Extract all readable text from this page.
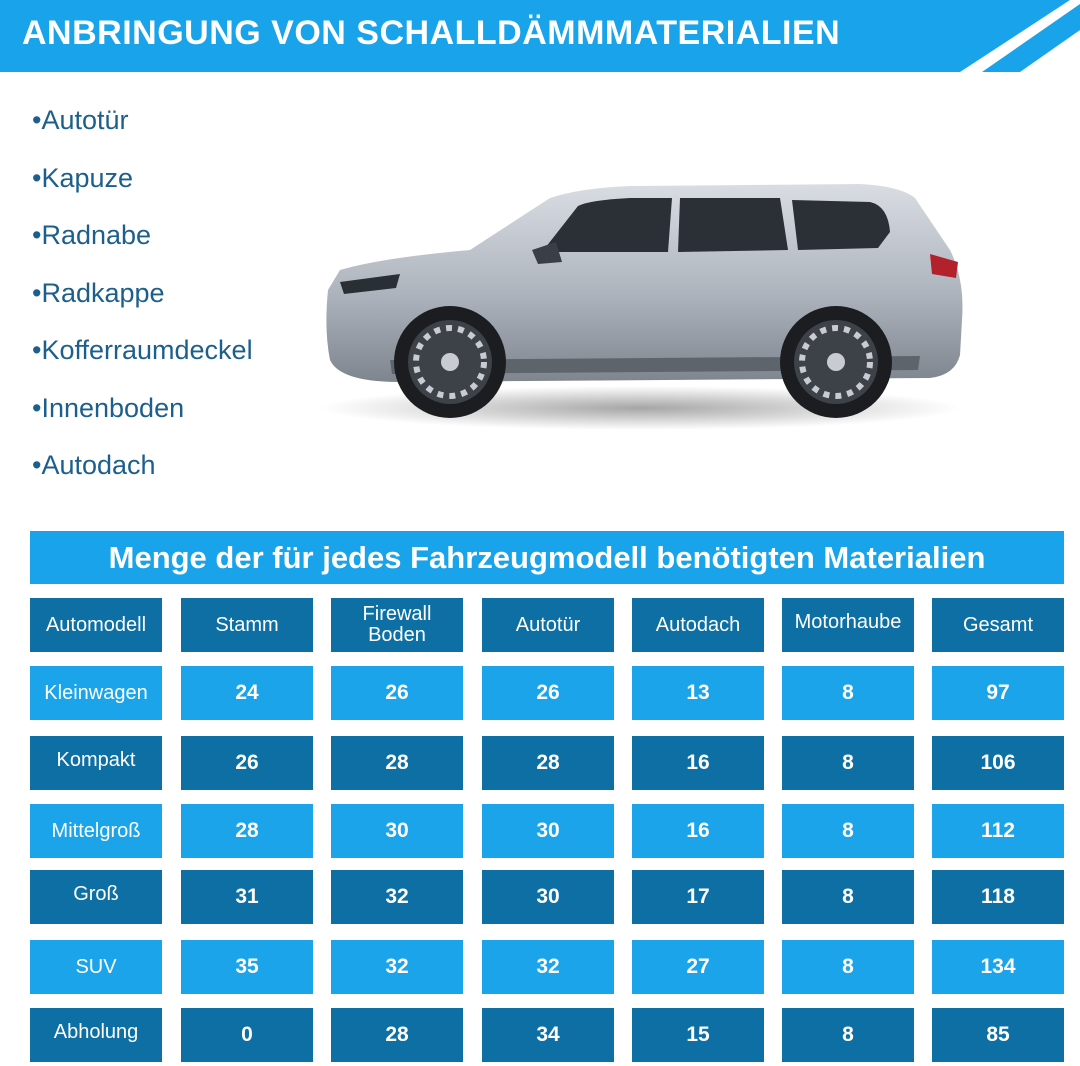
ANBRINGUNG VON SCHALLDÄMMMATERIALIEN
•Autotür
•Kapuze
•Radnabe
•Radkappe
•Kofferraumdeckel
•Innenboden
•Autodach
Menge der für jedes Fahrzeugmodell benötigten Materialien
Automodell	Stamm	Firewall Boden	Autotür	Autodach	Motorhaube	Gesamt
Kleinwagen	24	26	26	13	8	97
Kompakt	26	28	28	16	8	106
Mittelgroß	28	30	30	16	8	112
Groß	31	32	30	17	8	118
SUV	35	32	32	27	8	134
Abholung	0	28	34	15	8	85
